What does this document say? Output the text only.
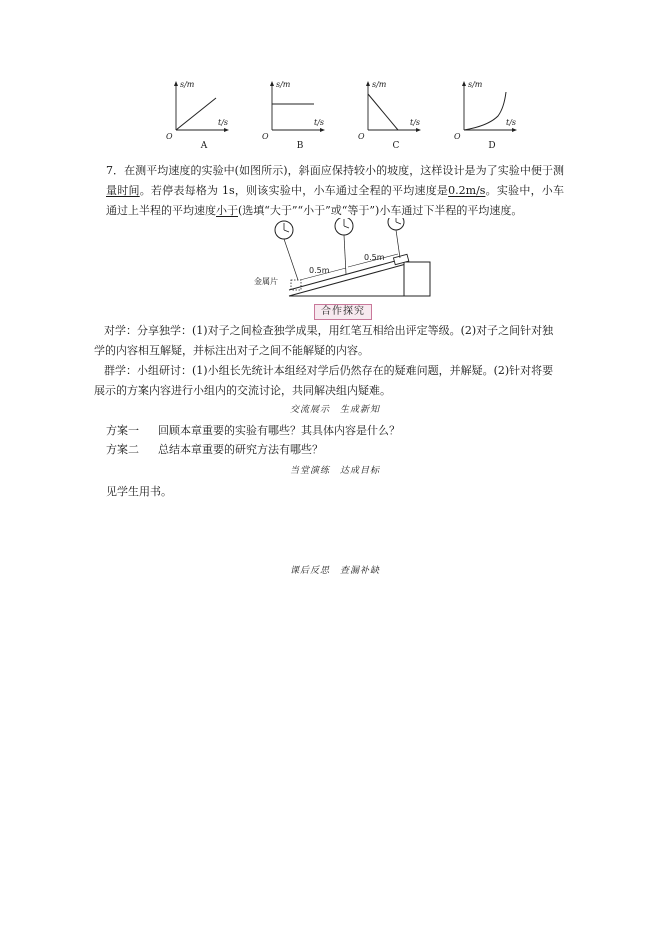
s/m
t/s
O
A
s/m
t/s
O
B
s/m
t/s
O
C
s/m
t/s
O
D
7．在测平均速度的实验中(如图所示)，斜面应保持较小的坡度，这样设计是为了实验中便于测量时间。若停表每格为 1s，则该实验中，小车通过全程的平均速度是0.2m/s。实验中，小车通过上半程的平均速度小于(选填“大于”“小于”或“等于”)小车通过下半程的平均速度。
0.5m
0.5m
金属片
合作探究
对学：分享独学：(1)对子之间检查独学成果，用红笔互相给出评定等级。(2)对子之间针对独
学的内容相互解疑，并标注出对子之间不能解疑的内容。
群学：小组研讨：(1)小组长先统计本组经对学后仍然存在的疑难问题，并解疑。(2)针对将要
展示的方案内容进行小组内的交流讨论，共同解决组内疑难。
交流展示　生成新知
方案一 回顾本章重要的实验有哪些？其具体内容是什么？
方案二 总结本章重要的研究方法有哪些？
当堂演练　达成目标
见学生用书。
课后反思　查漏补缺
